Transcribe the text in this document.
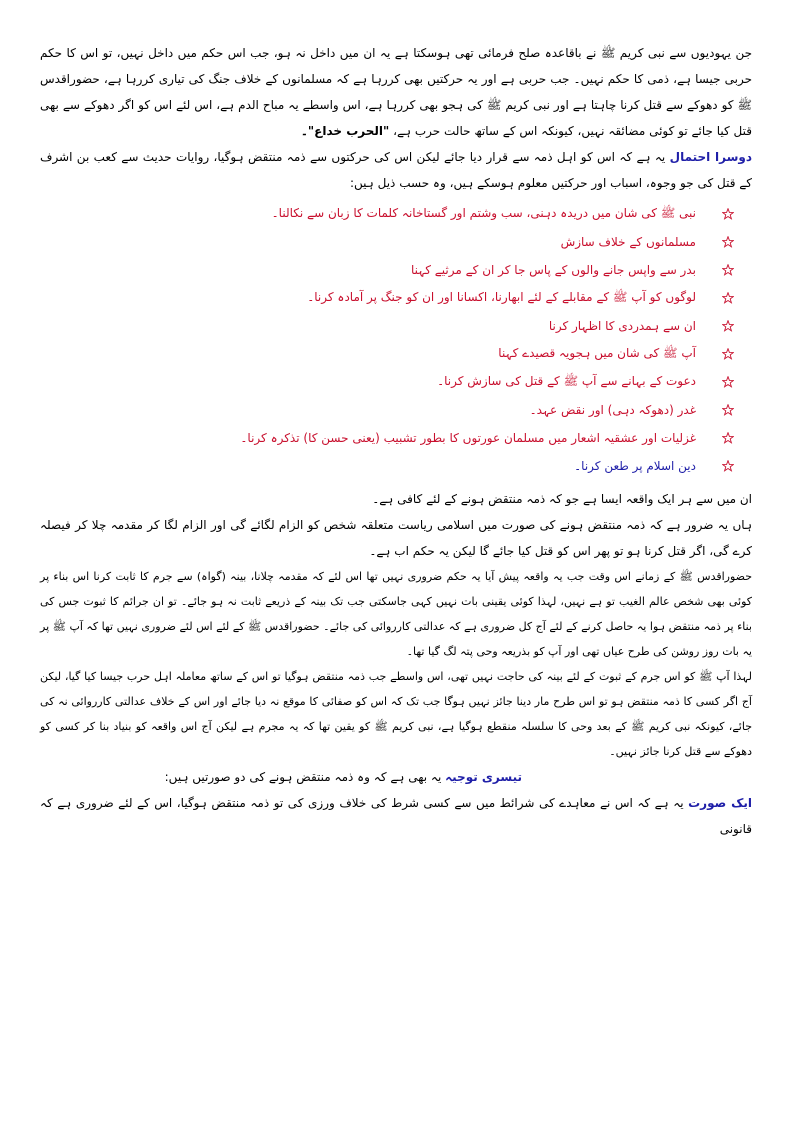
جن یہودیوں سے نبی کریم ﷺ نے باقاعدہ صلح فرمائی تھی ہوسکتا ہے یہ ان میں داخل نہ ہو، جب اس حکم میں داخل نہیں، تو اس کا حکم حربی جیسا ہے، ذمی کا حکم نہیں۔ جب حربی ہے اور یہ حرکتیں بھی کررہا ہے کہ مسلمانوں کے خلاف جنگ کی تیاری کررہا ہے، حضوراقدس ﷺ کو دھوکے سے قتل کرنا چاہتا ہے اور نبی کریم ﷺ کی ہجو بھی کررہا ہے، اس واسطے یہ مباح الدم ہے، اس لئے اس کو اگر دھوکے سے بھی قتل کیا جائے تو کوئی مضائقہ نہیں، کیونکہ اس کے ساتھ حالت حرب ہے، "الحرب خداع"۔

دوسرا احتمال یہ ہے کہ اس کو اہل ذمہ سے قرار دیا جائے لیکن اس کی حرکتوں سے ذمہ منتقض ہوگیا، روایات حدیث سے کعب بن اشرف کے قتل کی جو وجوہ، اسباب اور حرکتیں معلوم ہوسکے ہیں، وہ حسب ذیل ہیں:

نبی ﷺ کی شان میں دریدہ دہنی، سب وشتم اور گستاخانہ کلمات کا زبان سے نکالنا۔
مسلمانوں کے خلاف سازش
بدر سے واپس جانے والوں کے پاس جا کر ان کے مرثیے کہنا
لوگوں کو آپ ﷺ کے مقابلے کے لئے ابھارنا، اکسانا اور ان کو جنگ پر آمادہ کرنا۔
ان سے ہمدردی کا اظہار کرنا
آپ ﷺ کی شان میں ہجویہ قصیدے کہنا
دعوت کے بہانے سے آپ ﷺ کے قتل کی سازش کرنا۔
غدر (دھوکہ دہی) اور نقض عہد۔
غزلیات اور عشقیہ اشعار میں مسلمان عورتوں کا بطور تشبیب (یعنی حسن کا) تذکرہ کرنا۔
دین اسلام پر طعن کرنا۔

ان میں سے ہر ایک واقعہ ایسا ہے جو کہ ذمہ منتقض ہونے کے لئے کافی ہے۔

ہاں یہ ضرور ہے کہ ذمہ منتقض ہونے کی صورت میں اسلامی ریاست متعلقہ شخص کو الزام لگائے گی اور الزام لگا کر مقدمہ چلا کر فیصلہ کرے گی، اگر قتل کرنا ہو تو پھر اس کو قتل کیا جائے گا لیکن یہ حکم اب ہے۔

حضوراقدس ﷺ کے زمانے اس وقت جب یہ واقعہ پیش آیا یہ حکم ضروری نہیں تھا اس لئے کہ مقدمہ چلانا، بینہ (گواہ) سے جرم کا ثابت کرنا اس بناء پر کوئی بھی شخص عالم الغیب تو ہے نہیں، لہذا کوئی یقینی بات نہیں کہی جاسکتی جب تک بینہ کے ذریعے ثابت نہ ہو جائے۔ تو ان جرائم کا ثبوت جس کی بناء پر ذمہ منتقض ہوا یہ حاصل کرنے کے لئے آج کل ضروری ہے کہ عدالتی کارروائی کی جائے۔ حضوراقدس ﷺ کے لئے اس لئے ضروری نہیں تھا کہ آپ ﷺ پر یہ بات روز روشن کی طرح عیاں تھی اور آپ کو بذریعہ وحی پتہ لگ گیا تھا۔

لہذا آپ ﷺ کو اس جرم کے ثبوت کے لئے بینہ کی حاجت نہیں تھی، اس واسطے جب ذمہ منتقض ہوگیا تو اس کے ساتھ معاملہ اہل حرب جیسا کیا گیا، لیکن آج اگر کسی کا ذمہ منتقض ہو تو اس طرح مار دینا جائز نہیں ہوگا جب تک کہ اس کو صفائی کا موقع نہ دیا جائے اور اس کے خلاف عدالتی کارروائی نہ کی جائے، کیونکہ نبی کریم ﷺ کے بعد وحی کا سلسلہ منقطع ہوگیا ہے، نبی کریم ﷺ کو یقین تھا کہ یہ مجرم ہے لیکن آج اس واقعہ کو بنیاد بنا کر کسی کو دھوکے سے قتل کرنا جائز نہیں۔

تیسری توجیہ یہ بھی ہے کہ وہ ذمہ منتقض ہونے کی دو صورتیں ہیں:

ایک صورت یہ ہے کہ اس نے معاہدے کی شرائط میں سے کسی شرط کی خلاف ورزی کی تو ذمہ منتقض ہوگیا، اس کے لئے ضروری ہے کہ قانونی
